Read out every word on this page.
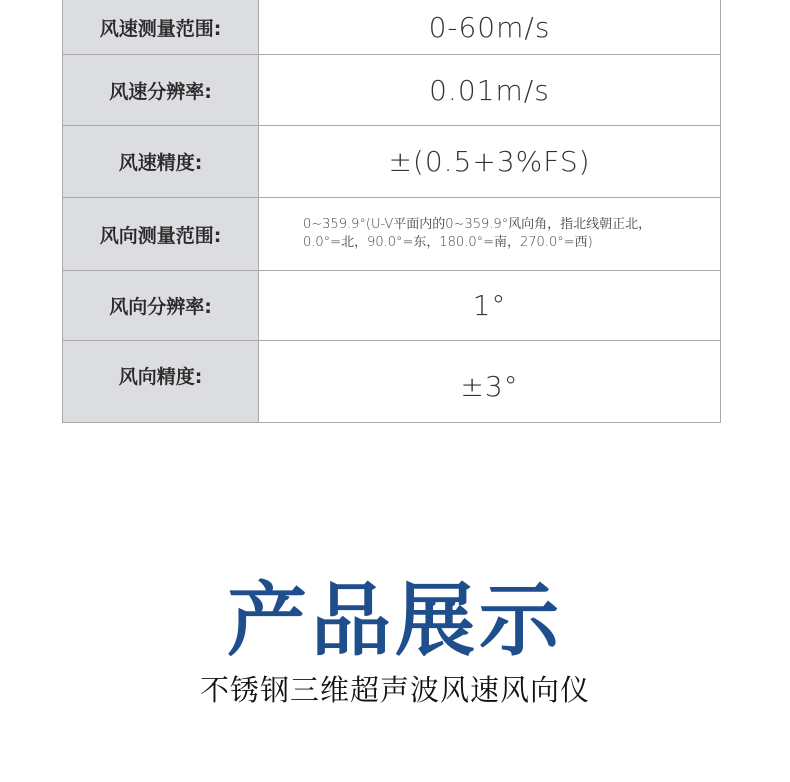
风速测量范围:	0-60m/s
风速分辨率:	0.01m/s
风速精度:	±(0.5+3%FS)
风向测量范围:	0~359.9°(U-V平面内的0~359.9°风向角，指北线朝正北，
0.0°=北，90.0°=东，180.0°=南，270.0°=西)

风向分辨率:	1°
风向精度:	±3°
产品展示

不锈钢三维超声波风速风向仪
